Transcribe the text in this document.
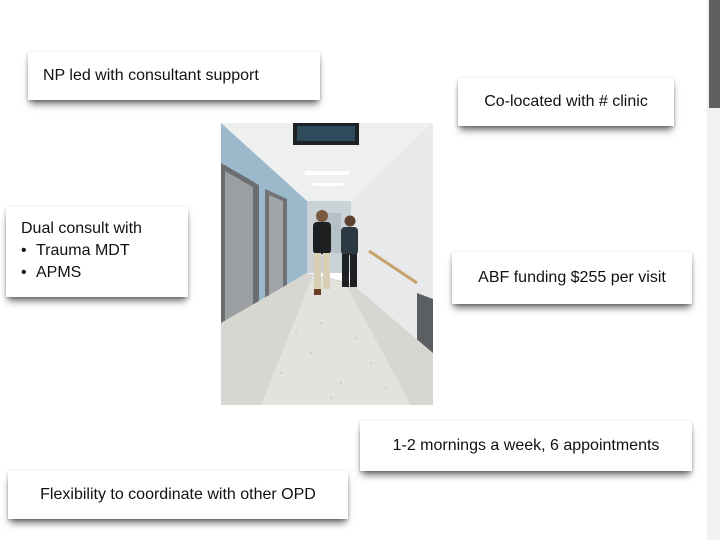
NP led with consultant support
Co-located with # clinic
Dual consult with
• Trauma MDT
• APMS	ABF funding $255 per visit
1-2 mornings a week, 6 appointments
Flexibility to coordinate with other OPD
